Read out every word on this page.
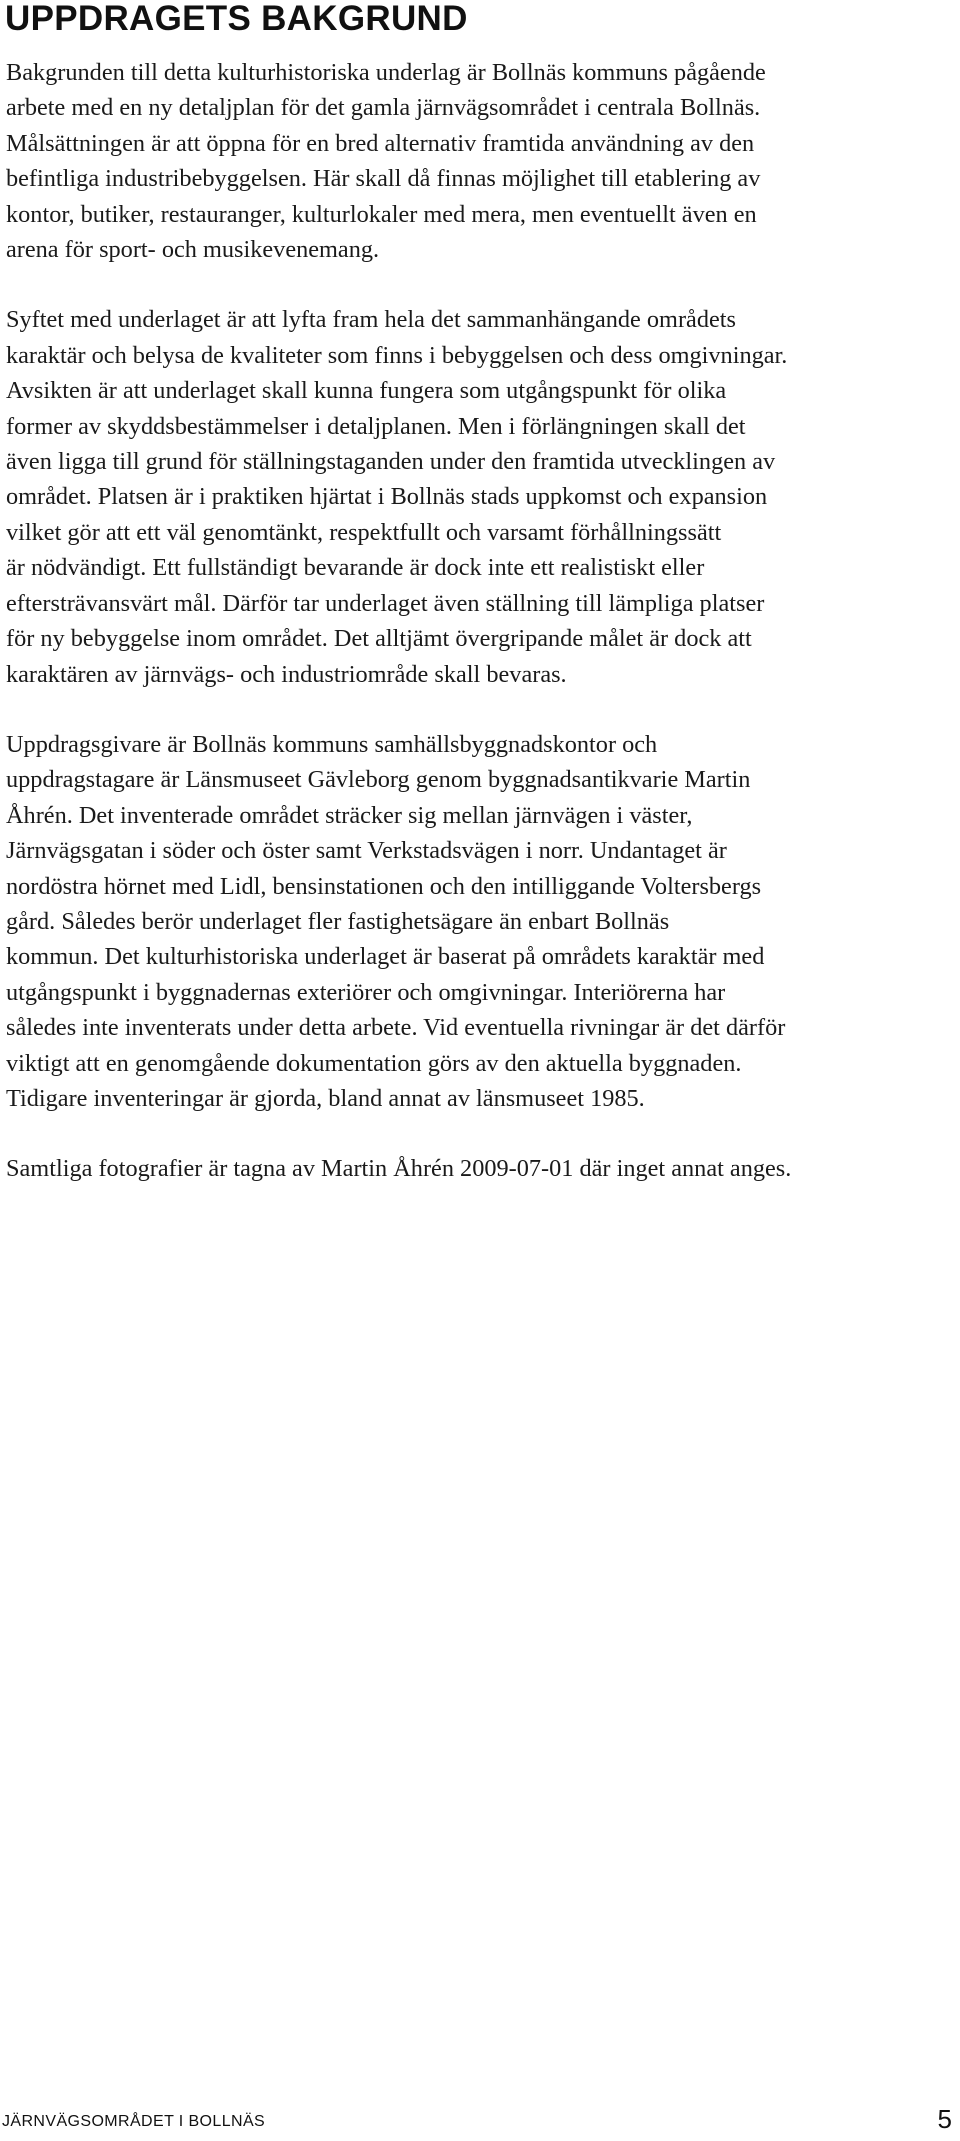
UPPDRAGETS BAKGRUND

Bakgrunden till detta kulturhistoriska underlag är Bollnäs kommuns pågående
arbete med en ny detaljplan för det gamla järnvägsområdet i centrala Bollnäs.
Målsättningen är att öppna för en bred alternativ framtida användning av den
befintliga industribebyggelsen. Här skall då finnas möjlighet till etablering av
kontor, butiker, restauranger, kulturlokaler med mera, men eventuellt även en
arena för sport- och musikevenemang.

Syftet med underlaget är att lyfta fram hela det sammanhängande områdets
karaktär och belysa de kvaliteter som finns i bebyggelsen och dess omgivningar.
Avsikten är att underlaget skall kunna fungera som utgångspunkt för olika
former av skyddsbestämmelser i detaljplanen. Men i förlängningen skall det
även ligga till grund för ställningstaganden under den framtida utvecklingen av
området. Platsen är i praktiken hjärtat i Bollnäs stads uppkomst och expansion
vilket gör att ett väl genomtänkt, respektfullt och varsamt förhållningssätt
är nödvändigt. Ett fullständigt bevarande är dock inte ett realistiskt eller
eftersträvansvärt mål. Därför tar underlaget även ställning till lämpliga platser
för ny bebyggelse inom området. Det alltjämt övergripande målet är dock att
karaktären av järnvägs- och industriområde skall bevaras.

Uppdragsgivare är Bollnäs kommuns samhällsbyggnadskontor och
uppdragstagare är Länsmuseet Gävleborg genom byggnadsantikvarie Martin
Åhrén. Det inventerade området sträcker sig mellan järnvägen i väster,
Järnvägsgatan i söder och öster samt Verkstadsvägen i norr. Undantaget är
nordöstra hörnet med Lidl, bensinstationen och den intilliggande Voltersbergs
gård. Således berör underlaget fler fastighetsägare än enbart Bollnäs
kommun. Det kulturhistoriska underlaget är baserat på områdets karaktär med
utgångspunkt i byggnadernas exteriörer och omgivningar. Interiörerna har
således inte inventerats under detta arbete. Vid eventuella rivningar är det därför
viktigt att en genomgående dokumentation görs av den aktuella byggnaden.
Tidigare inventeringar är gjorda, bland annat av länsmuseet 1985.

Samtliga fotografier är tagna av Martin Åhrén 2009-07-01 där inget annat anges.

JÄRNVÄGSOMRÅDET I BOLLNÄS	5
